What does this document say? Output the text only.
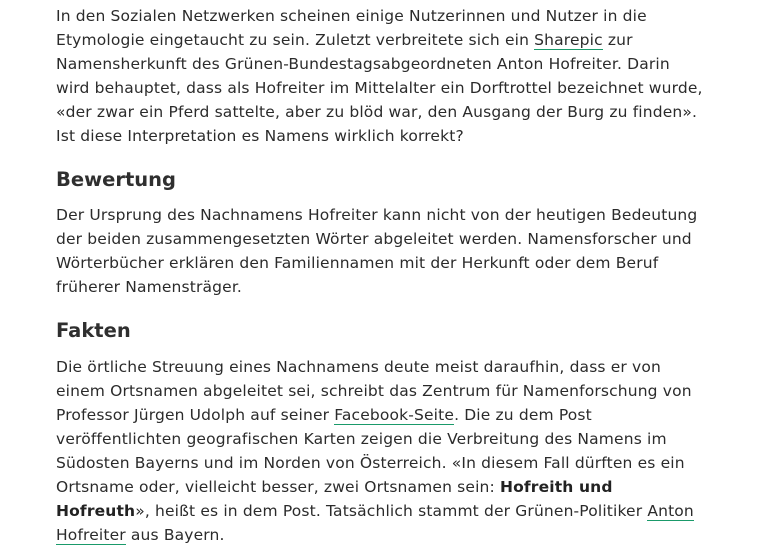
In den Sozialen Netzwerken scheinen einige Nutzerinnen und Nutzer in die Etymologie eingetaucht zu sein. Zuletzt verbreitete sich ein Sharepic zur Namensherkunft des Grünen-Bundestagsabgeordneten Anton Hofreiter. Darin wird behauptet, dass als Hofreiter im Mittelalter ein Dorftrottel bezeichnet wurde, «der zwar ein Pferd sattelte, aber zu blöd war, den Ausgang der Burg zu finden». Ist diese Interpretation es Namens wirklich korrekt?

Bewertung

Der Ursprung des Nachnamens Hofreiter kann nicht von der heutigen Bedeutung der beiden zusammengesetzten Wörter abgeleitet werden. Namensforscher und Wörterbücher erklären den Familiennamen mit der Herkunft oder dem Beruf früherer Namensträger.

Fakten

Die örtliche Streuung eines Nachnamens deute meist daraufhin, dass er von einem Ortsnamen abgeleitet sei, schreibt das Zentrum für Namenforschung von Professor Jürgen Udolph auf seiner Facebook-Seite. Die zu dem Post veröffentlichten geografischen Karten zeigen die Verbreitung des Namens im Südosten Bayerns und im Norden von Österreich. «In diesem Fall dürften es ein Ortsname oder, vielleicht besser, zwei Ortsnamen sein: Hofreith und Hofreuth», heißt es in dem Post. Tatsächlich stammt der Grünen-Politiker Anton Hofreiter aus Bayern.
